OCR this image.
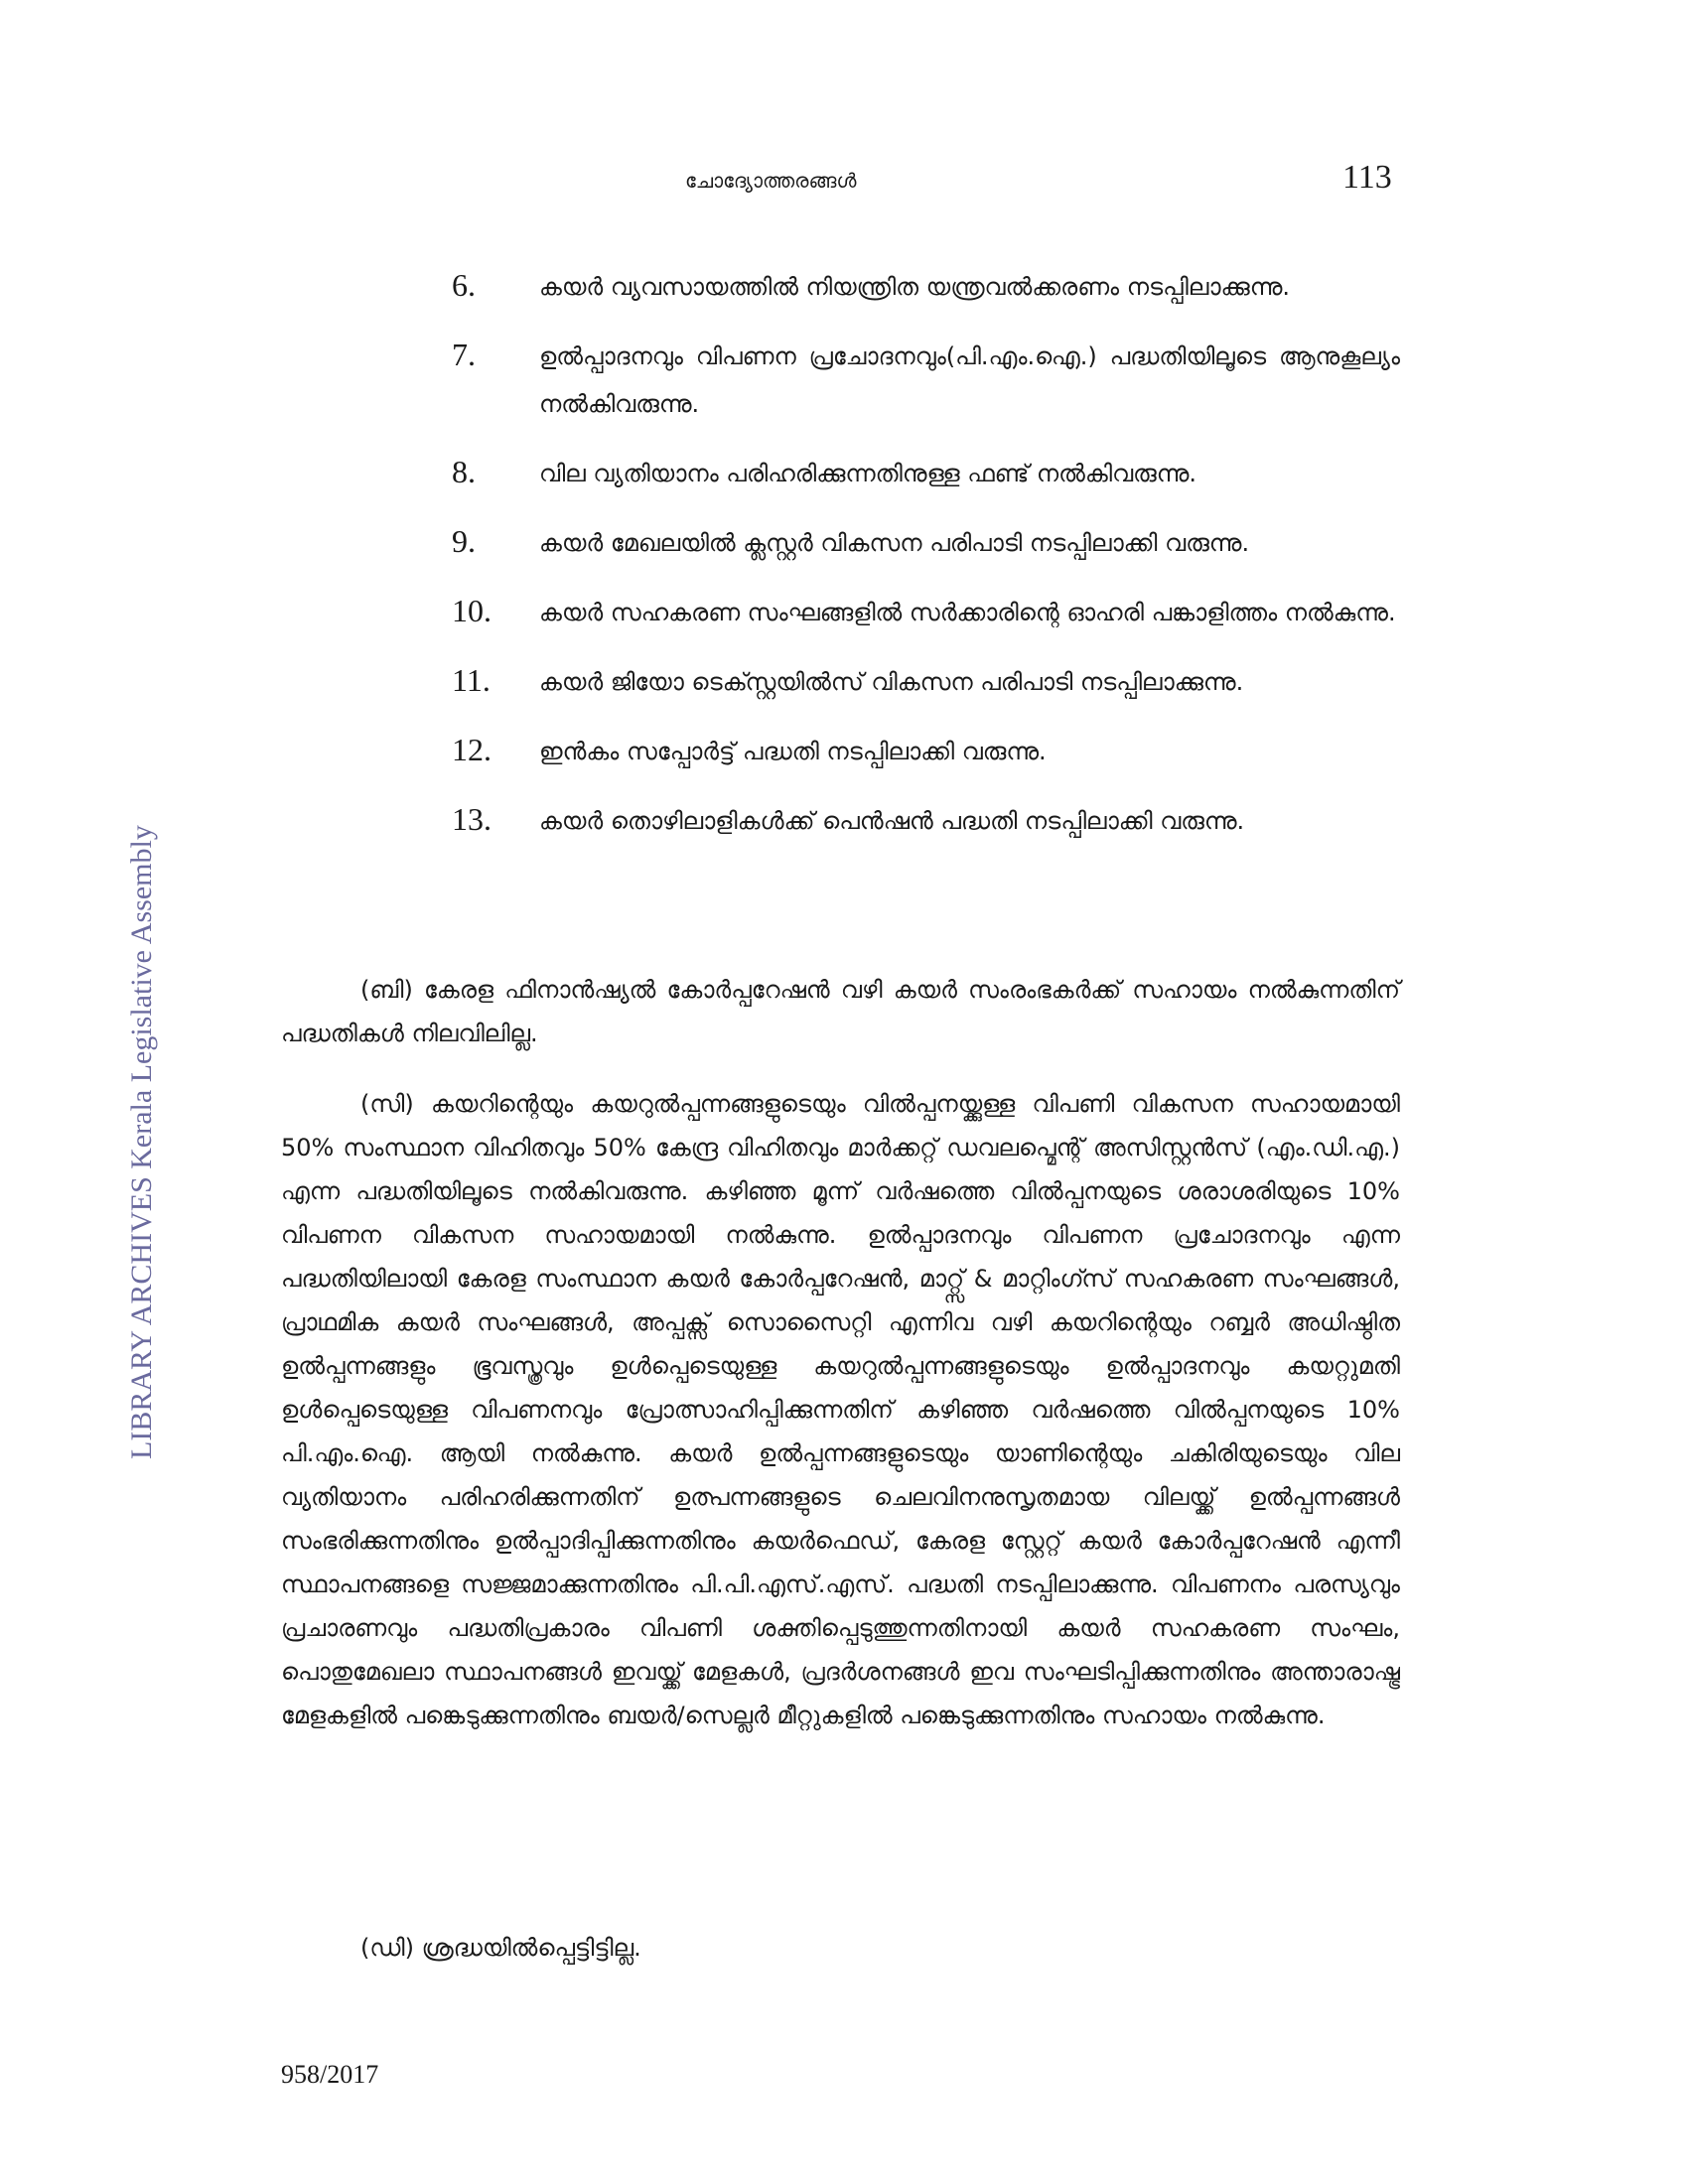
ചോദ്യോത്തരങ്ങൾ	113
LIBRARY ARCHIVES Kerala Legislative Assembly
6.	കയർ വ്യവസായത്തിൽ നിയന്ത്രിത യന്ത്രവൽക്കരണം നടപ്പിലാക്കുന്നു.
7.	ഉൽപ്പാദനവും വിപണന പ്രചോദനവും(പി.എം.ഐ.) പദ്ധതിയിലൂടെ ആനുകൂല്യം നൽകിവരുന്നു.
8.	വില വ്യതിയാനം പരിഹരിക്കുന്നതിനുള്ള ഫണ്ട് നൽകിവരുന്നു.
9.	കയർ മേഖലയിൽ ക്ലസ്റ്റർ വികസന പരിപാടി നടപ്പിലാക്കി വരുന്നു.
10.	കയർ സഹകരണ സംഘങ്ങളിൽ സർക്കാരിന്റെ ഓഹരി പങ്കാളിത്തം നൽകുന്നു.
11.	കയർ ജിയോ ടെക്സ്റ്റയിൽസ് വികസന പരിപാടി നടപ്പിലാക്കുന്നു.
12.	ഇൻകം സപ്പോർട്ട് പദ്ധതി നടപ്പിലാക്കി വരുന്നു.
13.	കയർ തൊഴിലാളികൾക്ക് പെൻഷൻ പദ്ധതി നടപ്പിലാക്കി വരുന്നു.

(ബി) കേരള ഫിനാൻഷ്യൽ കോർപ്പറേഷൻ വഴി കയർ സംരംഭകർക്ക് സഹായം നൽകുന്നതിന് പദ്ധതികൾ നിലവിലില്ല.

(സി) കയറിന്റെയും കയറുൽപ്പന്നങ്ങളുടെയും വിൽപ്പനയ്ക്കുള്ള വിപണി വികസന സഹായമായി 50% സംസ്ഥാന വിഹിതവും 50% കേന്ദ്ര വിഹിതവും മാർക്കറ്റ് ഡവലപ്മെന്റ് അസിസ്റ്റൻസ് (എം.ഡി.എ.) എന്ന പദ്ധതിയിലൂടെ നൽകിവരുന്നു. കഴിഞ്ഞ മൂന്ന് വർഷത്തെ വിൽപ്പനയുടെ ശരാശരിയുടെ 10% വിപണന വികസന സഹായമായി നൽകുന്നു. ഉൽപ്പാദനവും വിപണന പ്രചോദനവും എന്ന പദ്ധതിയിലായി കേരള സംസ്ഥാന കയർ കോർപ്പറേഷൻ, മാറ്റ്സ് & മാറ്റിംഗ്സ് സഹകരണ സംഘങ്ങൾ, പ്രാഥമിക കയർ സംഘങ്ങൾ, അപ്പക്സ് സൊസൈറ്റി എന്നിവ വഴി കയറിന്റെയും റബ്ബർ അധിഷ്ഠിത ഉൽപ്പന്നങ്ങളും ഭൂവസ്ത്രവും ഉൾപ്പെടെയുള്ള കയറുൽപ്പന്നങ്ങളുടെയും ഉൽപ്പാദനവും കയറ്റുമതി ഉൾപ്പെടെയുള്ള വിപണനവും പ്രോത്സാഹിപ്പിക്കുന്നതിന് കഴിഞ്ഞ വർഷത്തെ വിൽപ്പനയുടെ 10% പി.എം.ഐ. ആയി നൽകുന്നു. കയർ ഉൽപ്പന്നങ്ങളുടെയും യാണിന്റെയും ചകിരിയുടെയും വില വ്യതിയാനം പരിഹരിക്കുന്നതിന് ഉത്പന്നങ്ങളുടെ ചെലവിനനുസൃതമായ വിലയ്ക്ക് ഉൽപ്പന്നങ്ങൾ സംഭരിക്കുന്നതിനും ഉൽപ്പാദിപ്പിക്കുന്നതിനും കയർഫെഡ്, കേരള സ്റ്റേറ്റ് കയർ കോർപ്പറേഷൻ എന്നീ സ്ഥാപനങ്ങളെ സജ്ജമാക്കുന്നതിനും പി.പി.എസ്.എസ്. പദ്ധതി നടപ്പിലാക്കുന്നു. വിപണനം പരസ്യവും പ്രചാരണവും പദ്ധതിപ്രകാരം വിപണി ശക്തിപ്പെടുത്തുന്നതിനായി കയർ സഹകരണ സംഘം, പൊതുമേഖലാ സ്ഥാപനങ്ങൾ ഇവയ്ക്ക് മേളകൾ, പ്രദർശനങ്ങൾ ഇവ സംഘടിപ്പിക്കുന്നതിനും അന്താരാഷ്ട്ര മേളകളിൽ പങ്കെടുക്കുന്നതിനും ബയർ/സെല്ലർ മീറ്റുകളിൽ പങ്കെടുക്കുന്നതിനും സഹായം നൽകുന്നു.

(ഡി) ശ്രദ്ധയിൽപ്പെട്ടിട്ടില്ല.

958/2017
